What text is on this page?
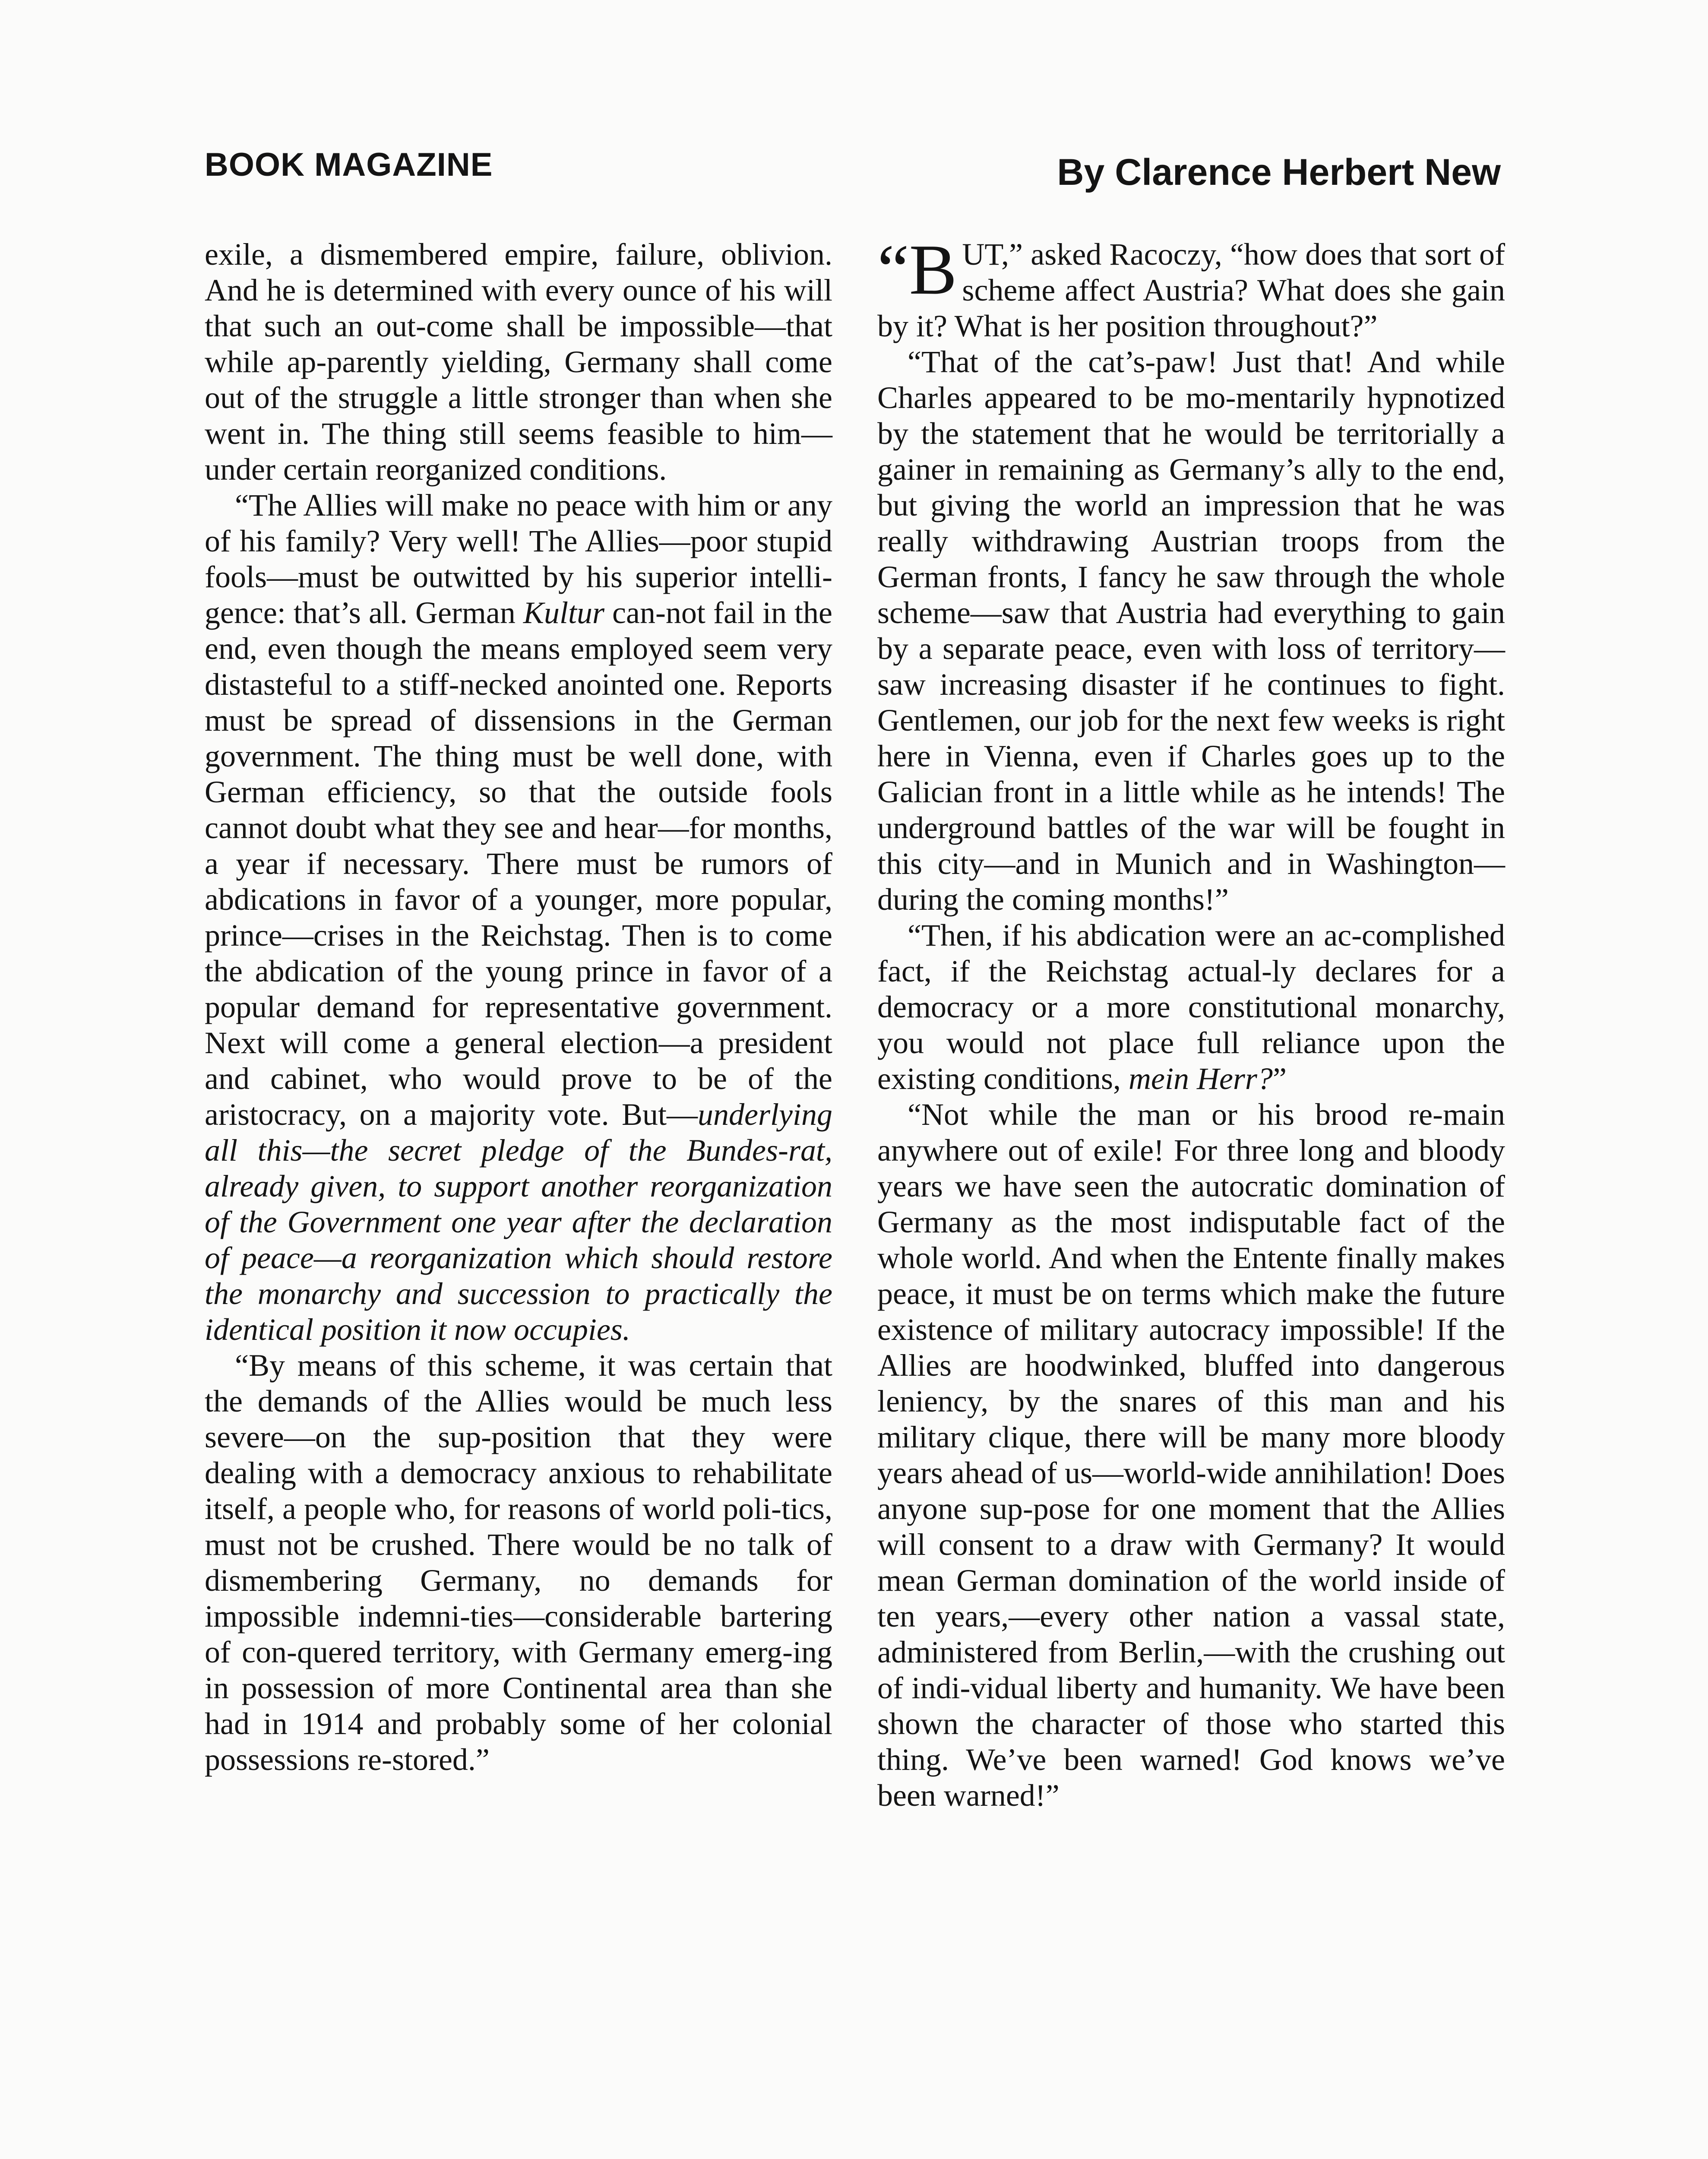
BOOK MAGAZINE	By Clarence Herbert New

exile, a dismembered empire, failure, oblivion. And he is determined with every ounce of his will that such an out-come shall be impossible—that while ap-parently yielding, Germany shall come out of the struggle a little stronger than when she went in. The thing still seems feasible to him—under certain reorganized conditions.

“The Allies will make no peace with him or any of his family? Very well! The Allies—poor stupid fools—must be outwitted by his superior intelli-gence: that’s all. German Kultur can-not fail in the end, even though the means employed seem very distasteful to a stiff-necked anointed one. Reports must be spread of dissensions in the German government. The thing must be well done, with German efficiency, so that the outside fools cannot doubt what they see and hear—for months, a year if necessary. There must be rumors of abdications in favor of a younger, more popular, prince—crises in the Reichstag. Then is to come the abdication of the young prince in favor of a popular demand for representative government. Next will come a general election—a president and cabinet, who would prove to be of the aristocracy, on a majority vote. But—underlying all this—the secret pledge of the Bundes-rat, already given, to support another reorganization of the Government one year after the declaration of peace—a reorganization which should restore the monarchy and succession to practically the identical position it now occupies.

“By means of this scheme, it was certain that the demands of the Allies would be much less severe—on the sup-position that they were dealing with a democracy anxious to rehabilitate itself, a people who, for reasons of world poli-tics, must not be crushed. There would be no talk of dismembering Germany, no demands for impossible indemni-ties—considerable bartering of con-quered territory, with Germany emerg-ing in possession of more Continental area than she had in 1914 and probably some of her colonial possessions re-stored.”

“B UT,” asked Racoczy, “how does that sort of scheme affect Austria? What does she gain by it? What is her position throughout?”

“That of the cat’s-paw! Just that! And while Charles appeared to be mo-mentarily hypnotized by the statement that he would be territorially a gainer in remaining as Germany’s ally to the end, but giving the world an impression that he was really withdrawing Austrian troops from the German fronts, I fancy he saw through the whole scheme—saw that Austria had everything to gain by a separate peace, even with loss of territory—saw increasing disaster if he continues to fight. Gentlemen, our job for the next few weeks is right here in Vienna, even if Charles goes up to the Galician front in a little while as he intends! The underground battles of the war will be fought in this city—and in Munich and in Washington—during the coming months!”

“Then, if his abdication were an ac-complished fact, if the Reichstag actual-ly declares for a democracy or a more constitutional monarchy, you would not place full reliance upon the existing conditions, mein Herr?”

“Not while the man or his brood re-main anywhere out of exile! For three long and bloody years we have seen the autocratic domination of Germany as the most indisputable fact of the whole world. And when the Entente finally makes peace, it must be on terms which make the future existence of military autocracy impossible! If the Allies are hoodwinked, bluffed into dangerous leniency, by the snares of this man and his military clique, there will be many more bloody years ahead of us—world-wide annihilation! Does anyone sup-pose for one moment that the Allies will consent to a draw with Germany? It would mean German domination of the world inside of ten years,—every other nation a vassal state, administered from Berlin,—with the crushing out of indi-vidual liberty and humanity. We have been shown the character of those who started this thing. We’ve been warned! God knows we’ve been warned!”
